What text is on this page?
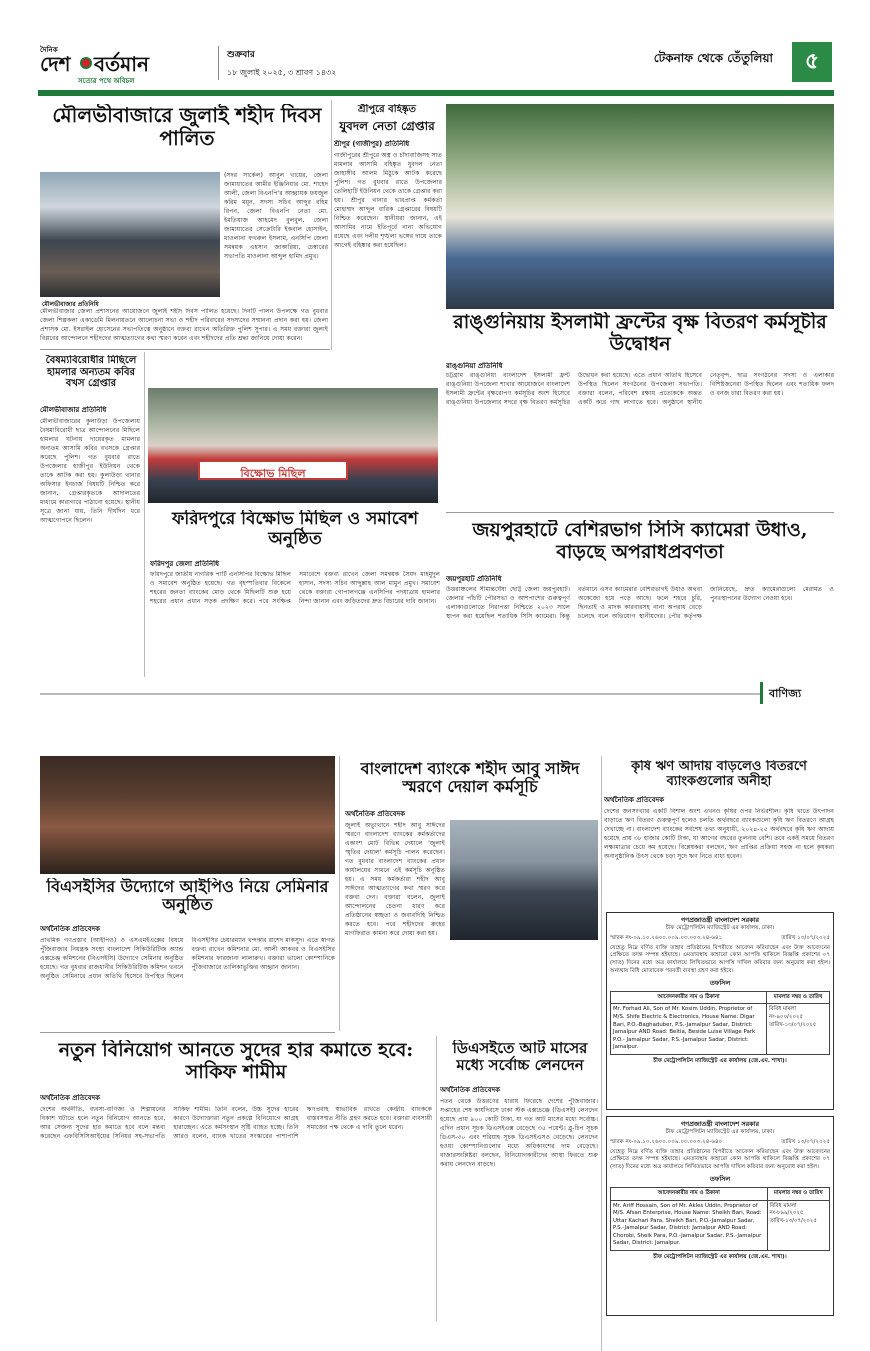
দৈনিক
দেশ বর্তমান
সত্যের পথে অবিচল
শুক্রবার
১৮ জুলাই ২০২৫, ৩ শ্রাবণ ১৪৩২
টেকনাফ থেকে তেঁতুলিয়া	৫
মৌলভীবাজারে জুলাই শহীদ দিবস পালিত
মৌলভীবাজার প্রতিনিধি
(সদর সার্কেল) আবুল খায়ের, জেলা জামায়াতের আমীর ইঞ্জিনিয়ার মো. শাহেদ আলী, জেলা বিএনপি'র আহ্বায়ক ফয়জুল করিম ময়ূন, সদস্য সচিব আব্দুর রহিম রিপন, জেলা বিএনপি নেতা মো. ইমতিয়াজ আহমেদ বুলবুল, জেলা জামায়াতের সেক্রেটারি ইকবাল হোসাইন, মাওলানা ফখরুল ইসলাম, এনসিপি জেলা সমন্বয়ক এহসান জাকারিয়া, চেম্বারের সভাপতি মাওলানা আব্দুল হামিদ প্রমুখ।
মৌলভীবাজার জেলা প্রশাসনের আয়োজনে জুলাই শহীদ দিবস পালিত হয়েছে। দিনটি পালন উপলক্ষে গত বুধবার জেলা শিল্পকলা একাডেমি মিলনায়তনে আলোচনা সভা ও শহীদ পরিবারের সদস্যদের সম্মাননা প্রদান করা হয়। জেলা প্রশাসক মো. ইসরাইল হোসেনের সভাপতিত্বে অনুষ্ঠানে বক্তব্য রাখেন অতিরিক্ত পুলিশ সুপার। এ সময় বক্তারা জুলাই বিপ্লবের আন্দোলনে শহীদদের আত্মত্যাগের কথা স্মরণ করেন এবং শহীদদের প্রতি শ্রদ্ধা জানিয়ে দোয়া করেন।
শ্রীপুরে বহিষ্কৃত
যুবদল নেতা গ্রেপ্তার
শ্রীপুর (গাজীপুর) প্রতিনিধি
গাজীপুরের শ্রীপুরে অস্ত্র ও চাঁদাবাজিসহ সাত মামলার আসামি বহিষ্কৃত যুবদল নেতা জাহাঙ্গীর আলম মিঠুকে আটক করেছে পুলিশ। গত বুধবার রাতে উপজেলার তেলিহাটি ইউনিয়ন থেকে তাকে গ্রেপ্তার করা হয়। শ্রীপুর থানার ভারপ্রাপ্ত কর্মকর্তা মোহাম্মদ আব্দুল বারিক গ্রেপ্তারের বিষয়টি নিশ্চিত করেছেন। স্থানীয়রা জানান, এই আসামির নামে ইতিপূর্বে নানা অভিযোগ রয়েছে এবং দলীয় শৃঙ্খলা ভঙ্গের দায়ে তাকে আগেই বহিষ্কার করা হয়েছিল।
রাঙ্গুনিয়ায় ইসলামী ফ্রন্টের বৃক্ষ বিতরণ কর্মসূচীর উদ্বোধন
রাঙ্গুনিয়া প্রতিনিধি
চট্টগ্রাম রাঙ্গুনিয়া বাংলাদেশ ইসলামী ফ্রন্ট রাঙ্গুনিয়া উপজেলা শাখার আয়োজনে বাংলাদেশ ইসলামী ফ্রন্টের বৃক্ষরোপণ কর্মসূচির অংশ হিসেবে রাঙ্গুনিয়া উপজেলার সদরে বৃক্ষ বিতরণ কর্মসূচির উদ্বোধন করা হয়েছে। এতে প্রধান অতিথি হিসেবে উপস্থিত ছিলেন সংগঠনের উপজেলা সভাপতি। বক্তারা বলেন, পরিবেশ রক্ষায় প্রত্যেককে অন্তত একটি করে গাছ লাগাতে হবে। অনুষ্ঠানে স্থানীয় নেতৃবৃন্দ, ছাত্র সংগঠনের সদস্য ও এলাকার বিশিষ্টজনেরা উপস্থিত ছিলেন এবং শতাধিক ফলদ ও বনজ চারা বিতরণ করা হয়।
বৈষম্যবিরোধীর মিছিলে হামলার অন্যতম কবির বখস গ্রেপ্তার
মৌলভীবাজার প্রতিনিধি
মৌলভীবাজারের কুলাউড়া উপজেলায় বৈষম্যবিরোধী ছাত্র আন্দোলনের মিছিলে হামলার ঘটনায় দায়েরকৃত মামলার অন্যতম আসামি কবির বখসকে গ্রেপ্তার করেছে পুলিশ। গত বুধবার রাতে উপজেলার হাজীপুর ইউনিয়ন থেকে তাকে আটক করা হয়। কুলাউড়া থানার অফিসার ইনচার্জ বিষয়টি নিশ্চিত করে জানান, গ্রেপ্তারকৃতকে আদালতের মাধ্যমে কারাগারে পাঠানো হয়েছে। স্থানীয় সূত্রে জানা যায়, তিনি দীর্ঘদিন ধরে আত্মগোপনে ছিলেন।
বিক্ষোভ মিছিল
ফরিদপুরে বিক্ষোভ মিছিল ও সমাবেশ অনুষ্ঠিত
ফরিদপুর জেলা প্রতিনিধি
ফরিদপুরে জাতীয় নাগরিক পার্টি এনসিপির বিক্ষোভ মিছিল ও সমাবেশ অনুষ্ঠিত হয়েছে। গত বৃহস্পতিবার বিকেলে শহরের জনতা ব্যাংকের মোড় থেকে মিছিলটি শুরু হয়ে শহরের প্রধান প্রধান সড়ক প্রদক্ষিণ করে। পরে সংক্ষিপ্ত সমাবেশে বক্তব্য রাখেন জেলা সমন্বয়ক সৈয়দ মাহমুদুল হাসান, সদস্য সচিব আব্দুল্লাহ আল মামুন প্রমুখ। সমাবেশ থেকে বক্তারা গোপালগঞ্জে এনসিপির পদযাত্রায় হামলার নিন্দা জানান এবং জড়িতদের দ্রুত বিচারের দাবি জানান।
জয়পুরহাটে বেশিরভাগ সিসি ক্যামেরা উধাও, বাড়ছে অপরাধপ্রবণতা
জয়পুরহাট প্রতিনিধি
উত্তরাঞ্চলের সীমান্তঘেঁষা ছোট্ট জেলা জয়পুরহাট। জেলার পাঁচটি পৌরসভা ও আশপাশের গুরুত্বপূর্ণ এলাকাগুলোতে নিরাপত্তা নিশ্চিতে ২০২৩ সালে স্থাপন করা হয়েছিল শতাধিক সিসি ক্যামেরা। কিন্তু বর্তমানে এসব ক্যামেরার বেশিরভাগই উধাও অথবা অকেজো হয়ে পড়ে আছে। ফলে শহরে চুরি, ছিনতাই ও মাদক কারবারসহ নানা অপরাধ বেড়ে চলেছে বলে অভিযোগ স্থানীয়দের। পৌর কর্তৃপক্ষ জানিয়েছে, দ্রুত ক্যামেরাগুলো মেরামত ও পুনঃস্থাপনের উদ্যোগ নেওয়া হবে।
বাণিজ্য
বিএসইসির উদ্যোগে আইপিও নিয়ে সেমিনার অনুষ্ঠিত
অর্থনৈতিক প্রতিবেদক
প্রাথমিক গণপ্রস্তাব (আইপিও) ও এসএমইএক্সের বিষয়ে পুঁজিবাজার নিয়ন্ত্রক সংস্থা বাংলাদেশ সিকিউরিটিজ অ্যান্ড এক্সচেঞ্জ কমিশনের (বিএসইসি) উদ্যোগে সেমিনার অনুষ্ঠিত হয়েছে। গত বুধবার রাজধানীর সিকিউরিটিজ কমিশন ভবনে অনুষ্ঠিত সেমিনারে প্রধান অতিথি হিসেবে উপস্থিত ছিলেন বিএসইসির চেয়ারম্যান খন্দকার রাশেদ মাকসুদ। এতে স্বাগত বক্তব্য রাখেন কমিশনার মো. আলী আকবর ও বিএসইসির কমিশনার ফারজানা লালারুখ। বক্তারা ভালো কোম্পানিকে পুঁজিবাজারে তালিকাভুক্তির আহ্বান জানান।
বাংলাদেশ ব্যাংকে শহীদ আবু সাঈদ স্মরণে দেয়াল কর্মসূচি
অর্থনৈতিক প্রতিবেদক
জুলাই অভ্যুত্থানে শহীদ আবু সাঈদের স্মরণে বাংলাদেশ ব্যাংকের কর্মকর্তাদের একাংশ মোট বিভিন্ন দেয়ালে 'জুলাই স্মৃতির দেয়াল' কর্মসূচি পালন করেছেন। গত বুধবার বাংলাদেশ ব্যাংকের প্রধান কার্যালয়ের সামনে এই কর্মসূচি অনুষ্ঠিত হয়। এ সময় কর্মকর্তারা শহীদ আবু সাঈদের আত্মত্যাগের কথা স্মরণ করে বক্তব্য দেন। বক্তারা বলেন, জুলাই আন্দোলনের চেতনা ধারণ করে প্রতিষ্ঠানের স্বচ্ছতা ও জবাবদিহি নিশ্চিত করতে হবে। পরে শহীদদের রুহের মাগফিরাত কামনা করে দোয়া করা হয়।
কৃষি ঋণ আদায় বাড়লেও বিতরণে ব্যাংকগুলোর অনীহা
অর্থনৈতিক প্রতিবেদক
দেশের জনসংখ্যার একটি বিশাল অংশ এখনও কৃষির ওপর নির্ভরশীল। কৃষি খাতে উৎপাদন বাড়াতে ঋণ বিতরণ গুরুত্বপূর্ণ হলেও চলতি অর্থবছরে ব্যাংকগুলো কৃষি ঋণ বিতরণে আগ্রহ দেখাচ্ছে না। বাংলাদেশ ব্যাংকের সর্বশেষ তথ্য অনুযায়ী, ২০২৪-২৫ অর্থবছরে কৃষি ঋণ আদায় হয়েছে প্রায় ৩৮ হাজার কোটি টাকা, যা আগের বছরের তুলনায় বেশি। তবে একই সময়ে বিতরণ লক্ষ্যমাত্রার চেয়ে কম হয়েছে। বিশ্লেষকরা বলছেন, ঋণ প্রাপ্তির প্রক্রিয়া সহজ না হলে কৃষকরা অনানুষ্ঠানিক উৎস থেকে চড়া সুদে ঋণ নিতে বাধ্য হবেন।
ডিএসইতে আট মাসের মধ্যে সর্বোচ্চ লেনদেন
অর্থনৈতিক প্রতিবেদক
পতন থেকে উত্তরণের ধারায় ফিরেছে দেশের পুঁজিবাজার। সপ্তাহের শেষ কার্যদিবসে ঢাকা স্টক এক্সচেঞ্জে (ডিএসই) লেনদেন হয়েছে প্রায় ৯০০ কোটি টাকা, যা গত আট মাসের মধ্যে সর্বোচ্চ। এদিন প্রধান সূচক ডিএসইএক্স বেড়েছে ৩৫ পয়েন্ট। ব্লু-চিপ সূচক ডিএস-৩০ এবং শরিয়াহ সূচক ডিএসইএসও বেড়েছে। লেনদেন হওয়া কোম্পানিগুলোর মধ্যে অধিকাংশের দাম বেড়েছে। বাজারসংশ্লিষ্টরা বলছেন, বিনিয়োগকারীদের আস্থা ফিরতে শুরু করায় লেনদেন বাড়ছে।
নতুন বিনিয়োগ আনতে সুদের হার কমাতে হবে: সাকিফ শামীম
অর্থনৈতিক প্রতিবেদক
দেশের অর্থনীতি, ব্যবসা-বাণিজ্য ও শিল্পায়নের বিকাশ ঘটাতে হলে নতুন বিনিয়োগ আনতে হবে, আর সেজন্য সুদের হার কমাতে হবে বলে মন্তব্য করেছেন এফবিসিসিআইয়ের সিনিয়র সহ-সভাপতি সাকিফ শামীম। তিনি বলেন, উচ্চ সুদের হারের কারণে উদ্যোক্তারা নতুন প্রকল্পে বিনিয়োগে আগ্রহ হারাচ্ছেন। এতে কর্মসংস্থান সৃষ্টি ব্যাহত হচ্ছে। তিনি আরও বলেন, ব্যাংক খাতের সংস্কারের পাশাপাশি ঋণপ্রবাহ স্বাভাবিক রাখতে কেন্দ্রীয় ব্যাংককে বাস্তবসম্মত নীতি গ্রহণ করতে হবে। বক্তারা ব্যবসায়ী সমাজের পক্ষ থেকে এ দাবি তুলে ধরেন।
গণপ্রজাতন্ত্রী বাংলাদেশ সরকার
চীফ মেট্রোপলিটন ম্যাজিস্ট্রেট এর কার্যালয়, ঢাকা।
স্মারক নং-০৯.১০.২৬০০.০০৯.০৩.০০৩.২৪-৬৪১	তারিখ ১৩/০৭/২০২৫
যেহেতু নিম্নে বর্ণিত ব্যক্তি তাহার প্রতিষ্ঠানের বিপরীতে আবেদন করিয়াছেন এবং উক্ত আবেদনের প্রেক্ষিতে তদন্ত সম্পন্ন হইয়াছে। এমতাবস্থায় কাহারো কোন আপত্তি থাকিলে বিজ্ঞপ্তি প্রকাশের ০৭ (সাত) দিনের মধ্যে অত্র কার্যালয়ে লিখিতভাবে আপত্তি দাখিল করিবার জন্য অনুরোধ করা হইল। অন্যথায় বিধি মোতাবেক পরবর্তী ব্যবস্থা গ্রহণ করা হইবে।
তফসিল
আবেদনকারীর নাম ও ঠিকানা	মামলার নম্বর ও তারিখ
Mr. Forhad Ali, Son of Mr. Kosim Uddin, Proprietor of M/S. Shife Electric & Electronics, House Name: Digar Bari, P.O.-Baghaduber, P.S.-Jamalpur Sadar, District: Jamalpur AND Road: Beltia, Beside Luise Village Park P.O.- Jamalpur Sadar, P.S.-Jamalpur Sadar, District: Jamalpur.	বিবিধ মামলা নং-৯০০/২০২৫ তারিখ-১৩/০৭/২০২৫
চীফ মেট্রোপলিটন ম্যাজিস্ট্রেট এর কার্যালয় (জে.এম. শাখা)।
গণপ্রজাতন্ত্রী বাংলাদেশ সরকার
চীফ মেট্রোপলিটন ম্যাজিস্ট্রেট এর কার্যালয়, ঢাকা।
স্মারক নং-০৯.১০.২৬০০.০০৯.০৩.০০৩.২৪-৬৪০	তারিখ ১৩/০৭/২০২৫
যেহেতু নিম্নে বর্ণিত ব্যক্তি তাহার প্রতিষ্ঠানের বিপরীতে আবেদন করিয়াছেন এবং উক্ত আবেদনের প্রেক্ষিতে তদন্ত সম্পন্ন হইয়াছে। এমতাবস্থায় কাহারো কোন আপত্তি থাকিলে বিজ্ঞপ্তি প্রকাশের ০৭ (সাত) দিনের মধ্যে অত্র কার্যালয়ে লিখিতভাবে আপত্তি দাখিল করিবার জন্য অনুরোধ করা হইল।
তফসিল
আবেদনকারীর নাম ও ঠিকানা	মামলার নম্বর ও তারিখ
Mr. Ariff Hossain, Son of Mr. Akles Uddin, Proprietor of M/S. Afsan Enterprise, House Name: Sheikh Bari, Road: Uttar Kachari Para, Sheikh Bari, P.O.-Jamalpur Sadar, P.S.-Jamalpur Sadar, District: Jamalpur AND Road: Chorobi, Sheik Para, P.O.-Jamalpur Sadar, P.S.-Jamalpur Sadar, District: Jamalpur.	বিবিধ মামলা নং-৮৯৯/২০২৫ তারিখ-১৩/০৭/২০২৫
চীফ মেট্রোপলিটন ম্যাজিস্ট্রেট এর কার্যালয় (জে.এম. শাখা)।
